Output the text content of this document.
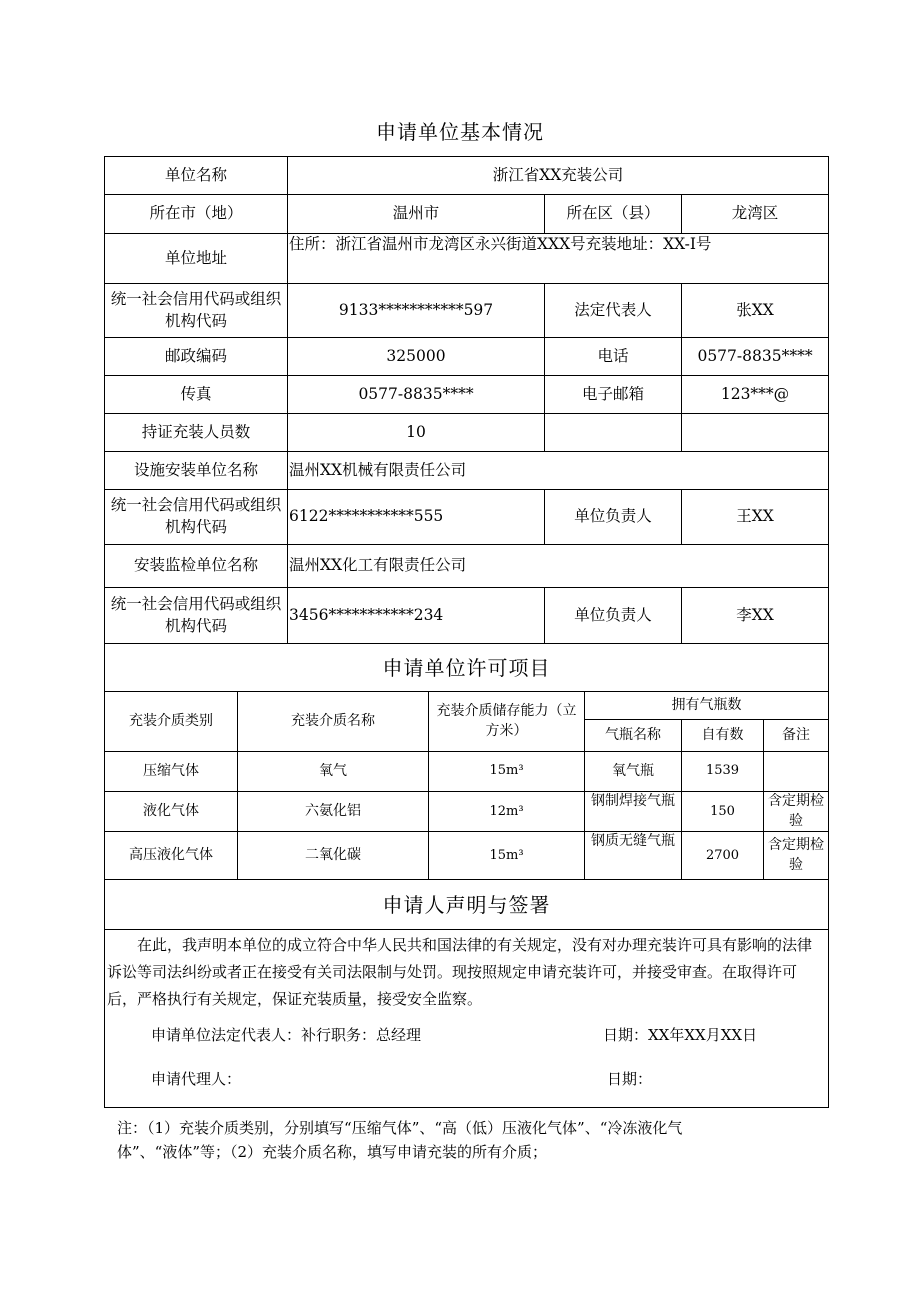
申请单位基本情况
单位名称		浙江省XX充装公司					
所在市（地）		温州市		所在区（县）		龙湾区	
单位地址		住所：浙江省温州市龙湾区永兴街道XXX号充装地址：XX-I号					
统一社会信用代码或组织机构代码		9133***********597		法定代表人		张XX	
邮政编码		325000		电话		0577-8835****	
传真		0577-8835****		电子邮箱		123***@	
持证充装人员数		10					
设施安装单位名称		温州XX机械有限责任公司					
统一社会信用代码或组织机构代码		6122***********555		单位负责人		王XX	
安装监检单位名称		温州XX化工有限责任公司					
统一社会信用代码或组织机构代码		3456***********234		单位负责人		李XX	
申请单位许可项目							
充装介质类别	充装介质名称		充装介质储存能力（立方米）		拥有气瓶数		
					气瓶名称	自有数	备注
压缩气体	氧气		15m³		氧气瓶	1539	
液化气体	六氨化铝		12m³		钢制焊接气瓶	150	含定期检验
高压液化气体	二氧化碳		15m³		钢质无缝气瓶	2700	含定期检验
申请人声明与签署							

在此，我声明本单位的成立符合中华人民共和国法律的有关规定，没有对办理充装许可具有影响的法律诉讼等司法纠纷或者正在接受有关司法限制与处罚。现按照规定申请充装许可，并接受审查。在取得许可后，严格执行有关规定，保证充装质量，接受安全监察。
申请单位法定代表人：补行职务：总经理 日期：XX年XX月XX日
申请代理人： 日期：							
注：（1）充装介质类别，分别填写“压缩气体”、“高（低）压液化气体”、“冷冻液化气
体”、“液体”等；（2）充装介质名称，填写申请充装的所有介质；
